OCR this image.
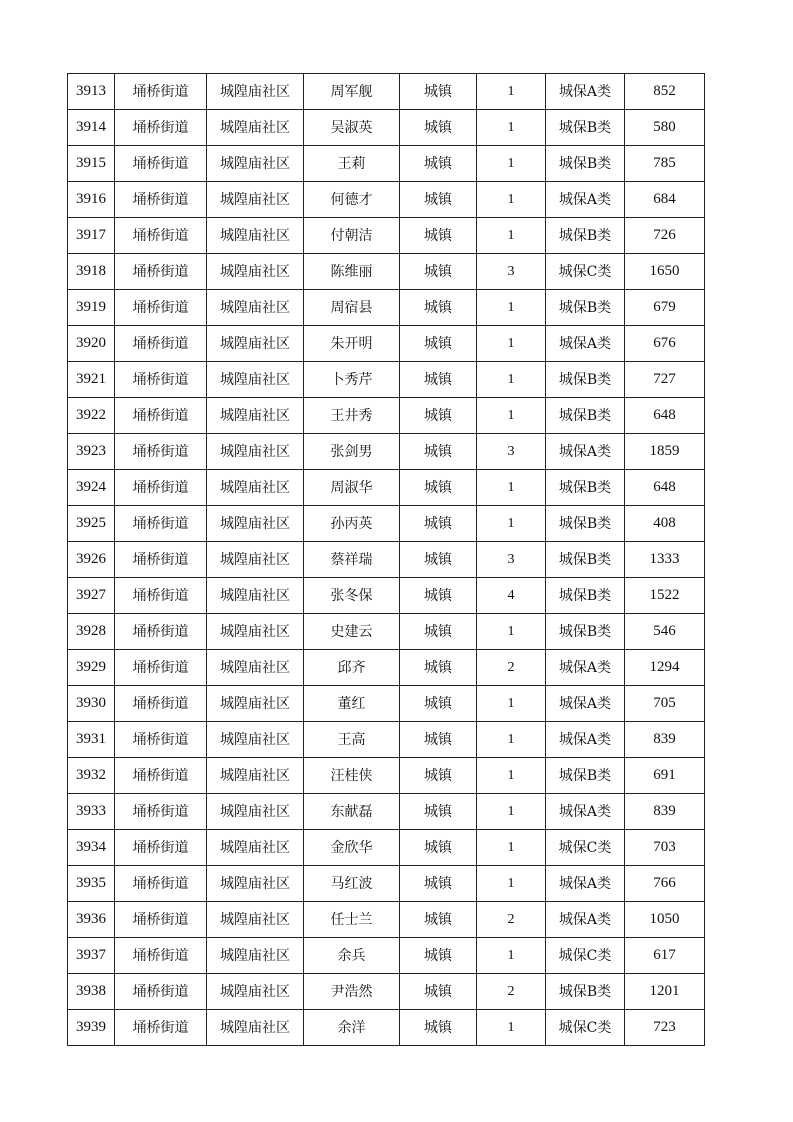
3913	埇桥街道	城隍庙社区	周军舰	城镇	1	城保A类	852
3914	埇桥街道	城隍庙社区	吴淑英	城镇	1	城保B类	580
3915	埇桥街道	城隍庙社区	王莉	城镇	1	城保B类	785
3916	埇桥街道	城隍庙社区	何德才	城镇	1	城保A类	684
3917	埇桥街道	城隍庙社区	付朝洁	城镇	1	城保B类	726
3918	埇桥街道	城隍庙社区	陈维丽	城镇	3	城保C类	1650
3919	埇桥街道	城隍庙社区	周宿县	城镇	1	城保B类	679
3920	埇桥街道	城隍庙社区	朱开明	城镇	1	城保A类	676
3921	埇桥街道	城隍庙社区	卜秀芹	城镇	1	城保B类	727
3922	埇桥街道	城隍庙社区	王井秀	城镇	1	城保B类	648
3923	埇桥街道	城隍庙社区	张剑男	城镇	3	城保A类	1859
3924	埇桥街道	城隍庙社区	周淑华	城镇	1	城保B类	648
3925	埇桥街道	城隍庙社区	孙丙英	城镇	1	城保B类	408
3926	埇桥街道	城隍庙社区	蔡祥瑞	城镇	3	城保B类	1333
3927	埇桥街道	城隍庙社区	张冬保	城镇	4	城保B类	1522
3928	埇桥街道	城隍庙社区	史建云	城镇	1	城保B类	546
3929	埇桥街道	城隍庙社区	邱齐	城镇	2	城保A类	1294
3930	埇桥街道	城隍庙社区	董红	城镇	1	城保A类	705
3931	埇桥街道	城隍庙社区	王高	城镇	1	城保A类	839
3932	埇桥街道	城隍庙社区	汪桂侠	城镇	1	城保B类	691
3933	埇桥街道	城隍庙社区	东献磊	城镇	1	城保A类	839
3934	埇桥街道	城隍庙社区	金欣华	城镇	1	城保C类	703
3935	埇桥街道	城隍庙社区	马红波	城镇	1	城保A类	766
3936	埇桥街道	城隍庙社区	任士兰	城镇	2	城保A类	1050
3937	埇桥街道	城隍庙社区	余兵	城镇	1	城保C类	617
3938	埇桥街道	城隍庙社区	尹浩然	城镇	2	城保B类	1201
3939	埇桥街道	城隍庙社区	余洋	城镇	1	城保C类	723
